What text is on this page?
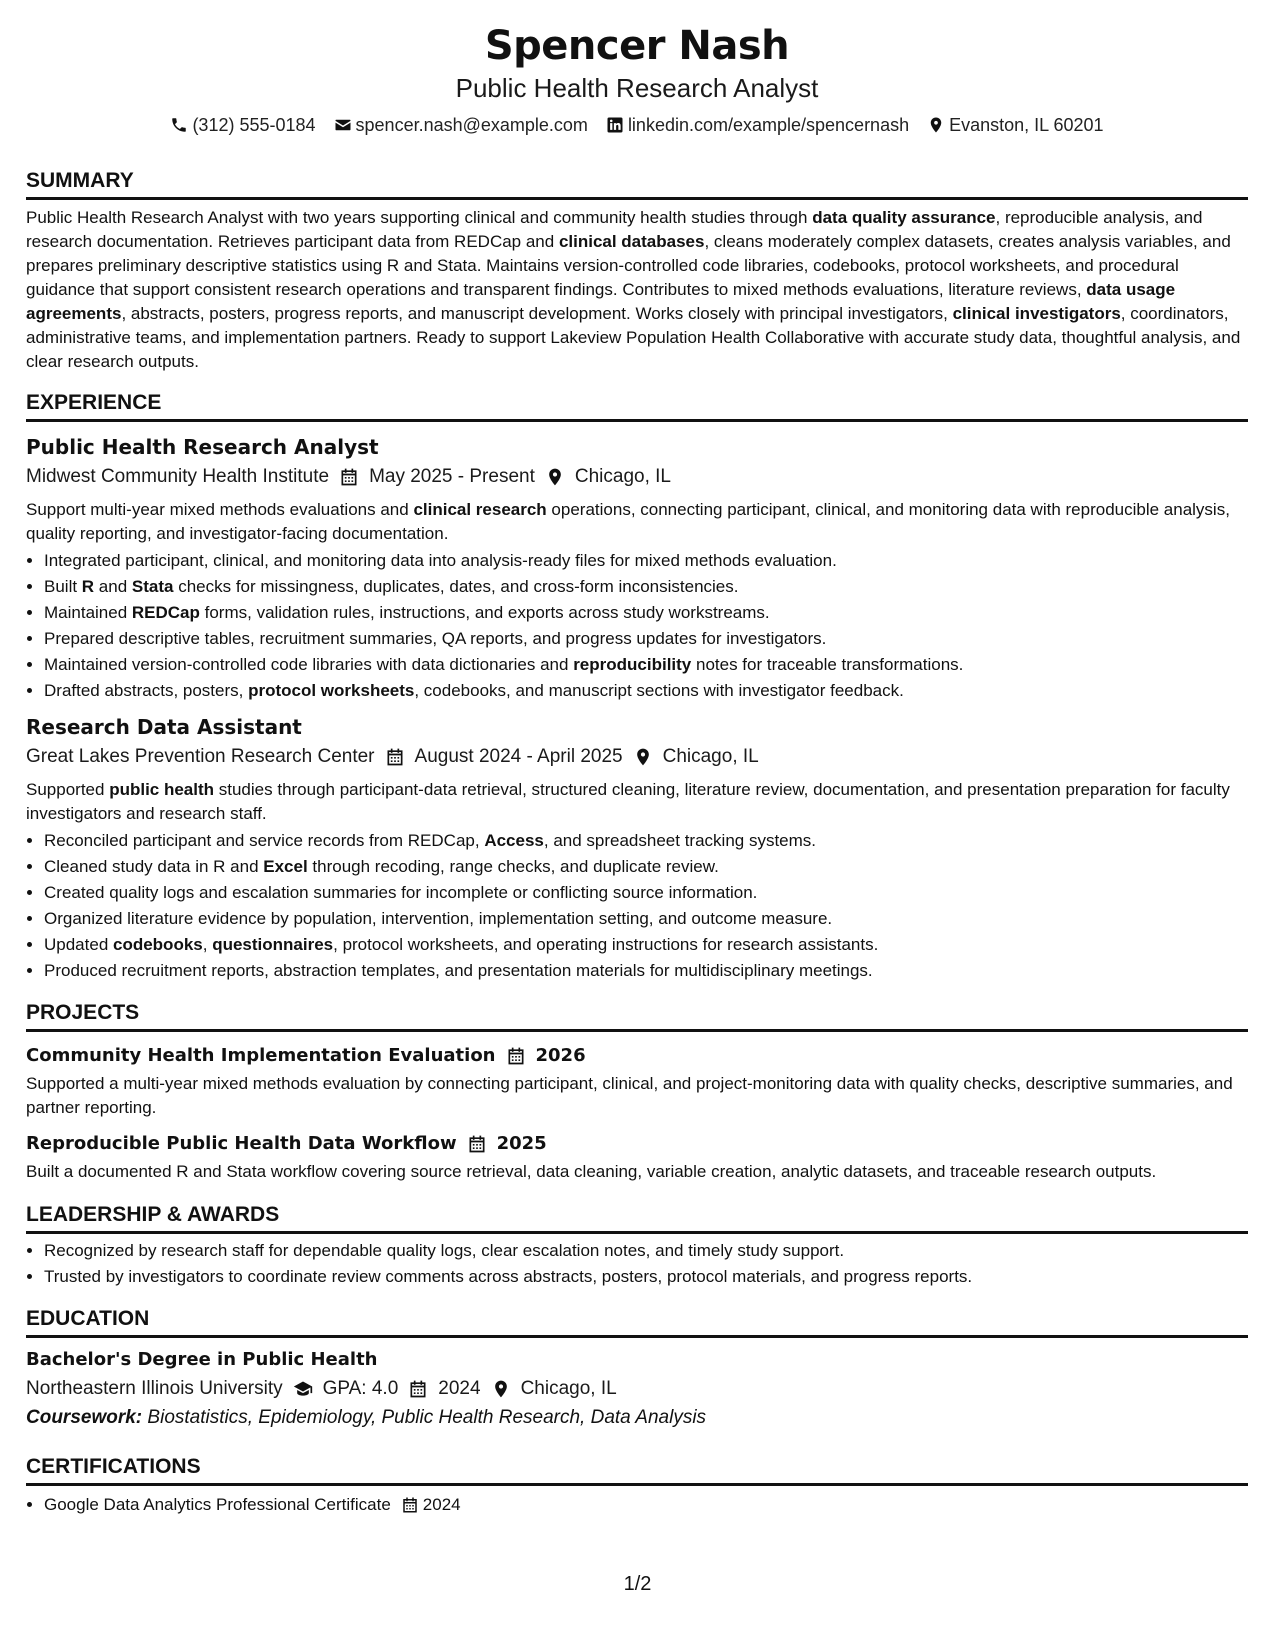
Spencer Nash
Public Health Research Analyst
(312) 555-0184 spencer.nash@example.com linkedin.com/example/spencernash Evanston, IL 60201
SUMMARY

Public Health Research Analyst with two years supporting clinical and community health studies through data quality assurance, reproducible analysis, and research documentation. Retrieves participant data from REDCap and clinical databases, cleans moderately complex datasets, creates analysis variables, and prepares preliminary descriptive statistics using R and Stata. Maintains version-controlled code libraries, codebooks, protocol worksheets, and procedural guidance that support consistent research operations and transparent findings. Contributes to mixed methods evaluations, literature reviews, data usage agreements, abstracts, posters, progress reports, and manuscript development. Works closely with principal investigators, clinical investigators, coordinators, administrative teams, and implementation partners. Ready to support Lakeview Population Health Collaborative with accurate study data, thoughtful analysis, and clear research outputs.

EXPERIENCE
Public Health Research Analyst
Midwest Community Health Institute May 2025 - Present Chicago, IL

Support multi-year mixed methods evaluations and clinical research operations, connecting participant, clinical, and monitoring data with reproducible analysis, quality reporting, and investigator-facing documentation.

• Integrated participant, clinical, and monitoring data into analysis-ready files for mixed methods evaluation.
• Built R and Stata checks for missingness, duplicates, dates, and cross-form inconsistencies.
• Maintained REDCap forms, validation rules, instructions, and exports across study workstreams.
• Prepared descriptive tables, recruitment summaries, QA reports, and progress updates for investigators.
• Maintained version-controlled code libraries with data dictionaries and reproducibility notes for traceable transformations.
• Drafted abstracts, posters, protocol worksheets, codebooks, and manuscript sections with investigator feedback.
Research Data Assistant
Great Lakes Prevention Research Center August 2024 - April 2025 Chicago, IL

Supported public health studies through participant-data retrieval, structured cleaning, literature review, documentation, and presentation preparation for faculty investigators and research staff.

• Reconciled participant and service records from REDCap, Access, and spreadsheet tracking systems.
• Cleaned study data in R and Excel through recoding, range checks, and duplicate review.
• Created quality logs and escalation summaries for incomplete or conflicting source information.
• Organized literature evidence by population, intervention, implementation setting, and outcome measure.
• Updated codebooks, questionnaires, protocol worksheets, and operating instructions for research assistants.
• Produced recruitment reports, abstraction templates, and presentation materials for multidisciplinary meetings.
PROJECTS
Community Health Implementation Evaluation 2026

Supported a multi-year mixed methods evaluation by connecting participant, clinical, and project-monitoring data with quality checks, descriptive summaries, and partner reporting.

Reproducible Public Health Data Workflow 2025

Built a documented R and Stata workflow covering source retrieval, data cleaning, variable creation, analytic datasets, and traceable research outputs.

LEADERSHIP & AWARDS
• Recognized by research staff for dependable quality logs, clear escalation notes, and timely study support.
• Trusted by investigators to coordinate review comments across abstracts, posters, protocol materials, and progress reports.
EDUCATION
Bachelor's Degree in Public Health
Northeastern Illinois University GPA: 4.0 2024 Chicago, IL
Coursework: Biostatistics, Epidemiology, Public Health Research, Data Analysis
CERTIFICATIONS
• Google Data Analytics Professional Certificate 2024
1/2
